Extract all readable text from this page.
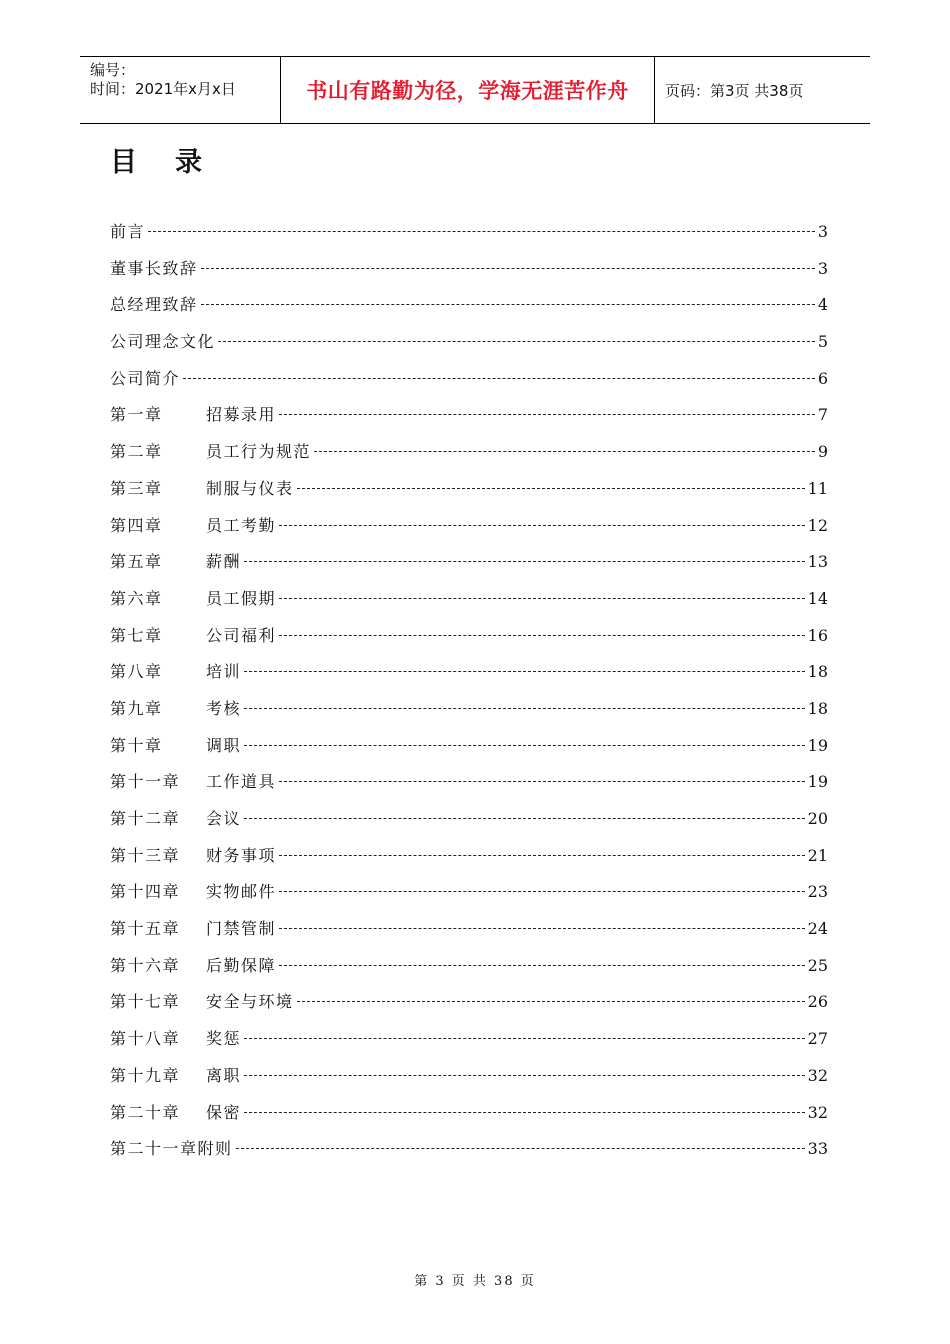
编号：
时间：2021年x月x日	书山有路勤为径，学海无涯苦作舟	页码：第3页 共38页
目录
前言	3
董事长致辞	3
总经理致辞	4
公司理念文化	5
公司简介	6
第一章	招募录用	7
第二章	员工行为规范	9
第三章	制服与仪表	11
第四章	员工考勤	12
第五章	薪酬	13
第六章	员工假期	14
第七章	公司福利	16
第八章	培训	18
第九章	考核	18
第十章	调职	19
第十一章	工作道具	19
第十二章	会议	20
第十三章	财务事项	21
第十四章	实物邮件	23
第十五章	门禁管制	24
第十六章	后勤保障	25
第十七章	安全与环境	26
第十八章	奖惩	27
第十九章	离职	32
第二十章	保密	32
第二十一章 附则	33
第 3 页 共 38 页
